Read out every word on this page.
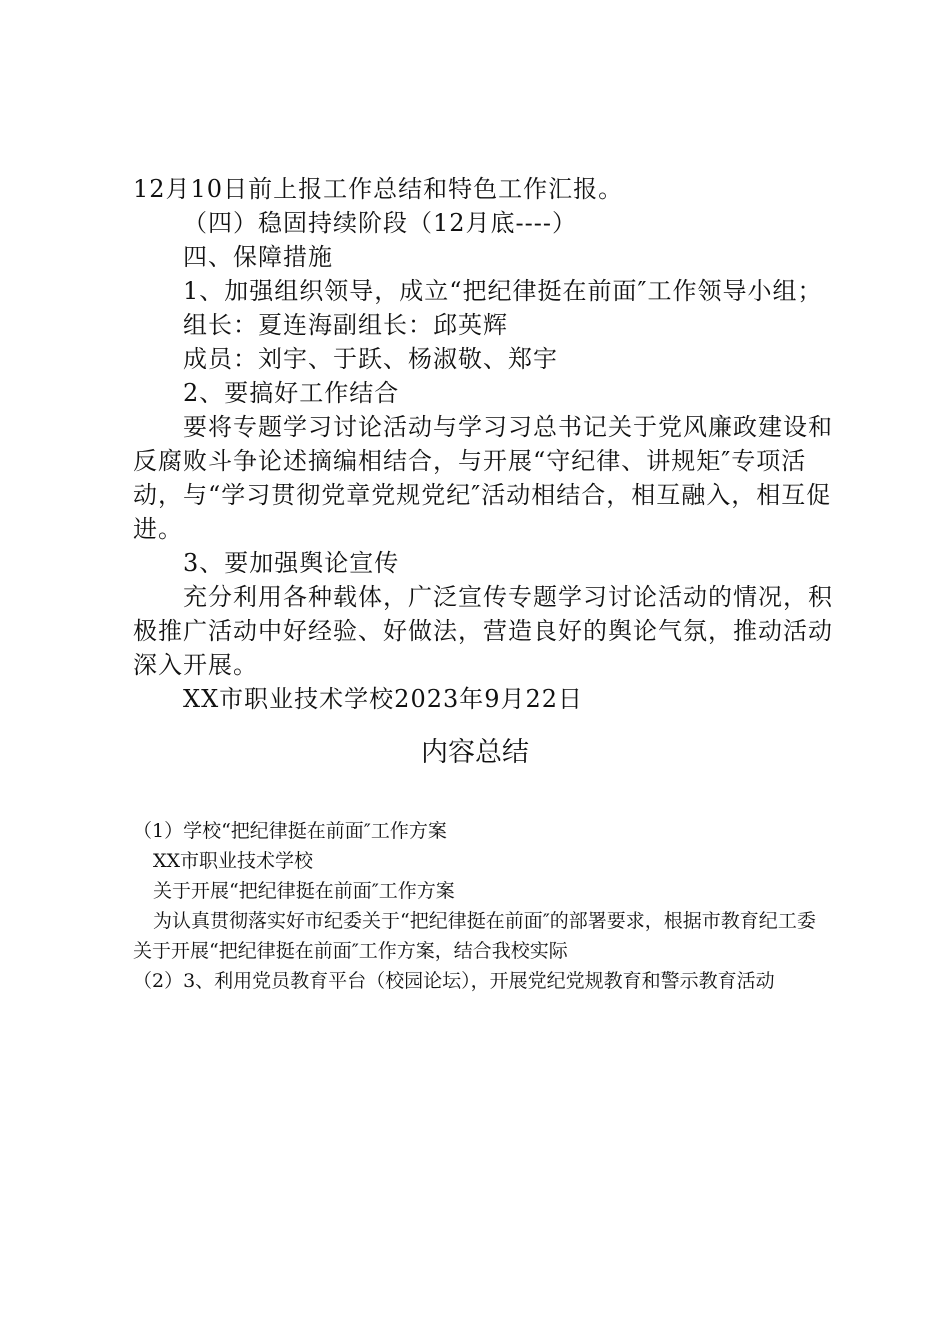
12月10日前上报工作总结和特色工作汇报。

（四）稳固持续阶段（12月底----）

四、保障措施

1、加强组织领导，成立“把纪律挺在前面″工作领导小组；

组长：夏连海副组长：邱英辉

成员：刘宇、于跃、杨淑敬、郑宇

2、要搞好工作结合

要将专题学习讨论活动与学习习总书记关于党风廉政建设和反腐败斗争论述摘编相结合，与开展“守纪律、讲规矩″专项活动，与“学习贯彻党章党规党纪″活动相结合，相互融入，相互促进。

3、要加强舆论宣传

充分利用各种载体，广泛宣传专题学习讨论活动的情况，积极推广活动中好经验、好做法，营造良好的舆论气氛，推动活动深入开展。

XX市职业技术学校2023年9月22日

内容总结

（1）学校“把纪律挺在前面″工作方案

XX市职业技术学校

关于开展“把纪律挺在前面″工作方案

为认真贯彻落实好市纪委关于“把纪律挺在前面″的部署要求，根据市教育纪工委关于开展“把纪律挺在前面″工作方案，结合我校实际

（2）3、利用党员教育平台（校园论坛），开展党纪党规教育和警示教育活动
